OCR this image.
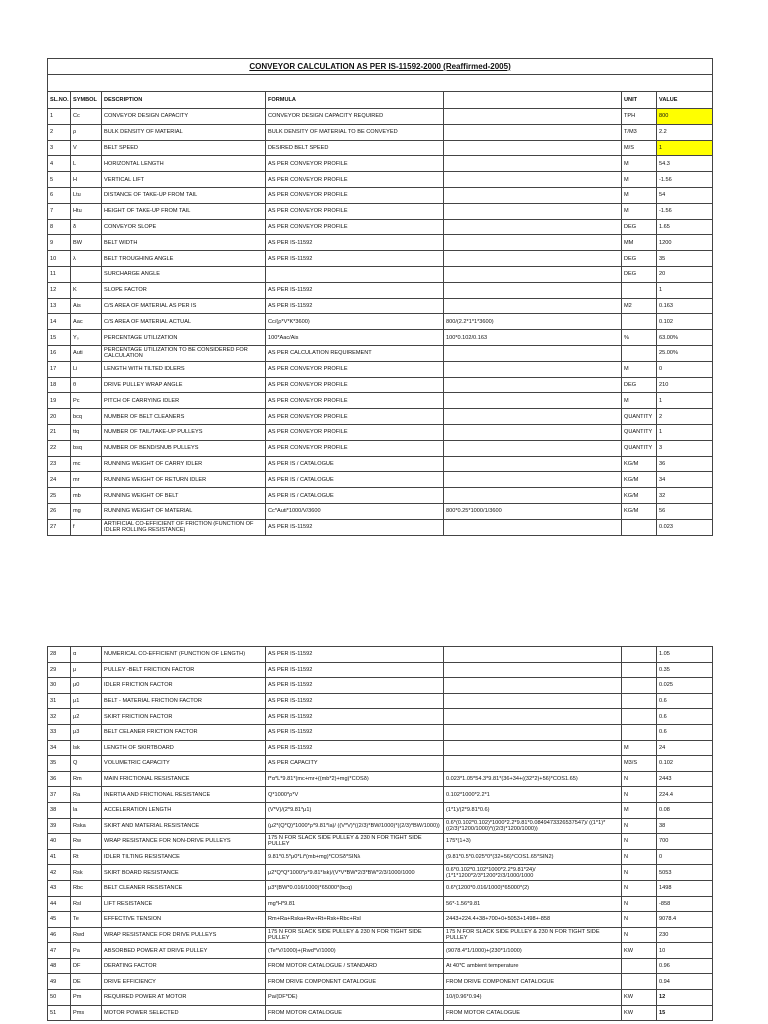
CONVEYOR CALCULATION AS PER IS-11592-2000 (Reaffirmed-2005)						

SL.NO.	SYMBOL	DESCRIPTION	FORMULA		UNIT	VALUE
1	Cc	CONVEYOR DESIGN CAPACITY	CONVEYOR DESIGN CAPACITY REQUIRED		TPH	800
2	ρ	BULK DENSITY OF MATERIAL	BULK DENSITY OF MATERIAL TO BE CONVEYED		T/M3	2.2
3	V	BELT SPEED	DESIRED BELT SPEED		M/S	1
4	L	HORIZONTAL LENGTH	AS PER CONVEYOR PROFILE		M	54.3
5	H	VERTICAL LIFT	AS PER CONVEYOR PROFILE		M	-1.56
6	Ltu	DISTANCE OF TAKE-UP FROM TAIL	AS PER CONVEYOR PROFILE		M	54
7	Htu	HEIGHT OF TAKE-UP FROM TAIL	AS PER CONVEYOR PROFILE		M	-1.56
8	δ	CONVEYOR SLOPE	AS PER CONVEYOR PROFILE		DEG	1.65
9	BW	BELT WIDTH	AS PER IS-11592		MM	1200
10	λ	BELT TROUGHING ANGLE	AS PER IS-11592		DEG	35
11		SURCHARGE ANGLE			DEG	20
12	K	SLOPE FACTOR	AS PER IS-11592			1
13	Ais	C/S AREA OF MATERIAL AS PER IS	AS PER IS-11592		M2	0.163
14	Aac	C/S AREA OF MATERIAL ACTUAL	Cc/(ρ*V*K*3600)	800/(2.2*1*1*3600)		0.102
15	Yₛ	PERCENTAGE UTILIZATION	100*Aac/Ais	100*0.102/0.163	%	63.00%
16	Auti	PERCENTAGE UTILIZATION TO BE CONSIDERED FOR CALCULATION	AS PER CALCULATION REQUIREMENT			25.00%
17	Li	LENGTH WITH TILTED IDLERS	AS PER CONVEYOR PROFILE		M	0
18	θ	DRIVE PULLEY WRAP ANGLE	AS PER CONVEYOR PROFILE		DEG	210
19	Pc	PITCH OF CARRYING IDLER	AS PER CONVEYOR PROFILE		M	1
20	bcq	NUMBER OF BELT CLEANERS	AS PER CONVEYOR PROFILE		QUANTITY	2
21	ttq	NUMBER OF TAIL/TAKE-UP PULLEYS	AS PER CONVEYOR PROFILE		QUANTITY	1
22	bsq	NUMBER OF BEND/SNUB PULLEYS	AS PER CONVEYOR PROFILE		QUANTITY	3
23	mc	RUNNING WEIGHT OF CARRY IDLER	AS PER IS / CATALOGUE		KG/M	36
24	mr	RUNNING WEIGHT OF RETURN IDLER	AS PER IS / CATALOGUE		KG/M	34
25	mb	RUNNING WEIGHT OF BELT	AS PER IS / CATALOGUE		KG/M	32
26	mg	RUNNING WEIGHT OF MATERIAL	Cc*Auti*1000/V/3600	800*0.25*1000/1/3600	KG/M	56
27	f	ARTIFICIAL CO-EFFICIENT OF FRICTION (FUNCTION OF IDLER ROLLING RESISTANCE)	AS PER IS-11592			0.023
28	α	NUMERICAL CO-EFFICIENT (FUNCTION OF LENGTH)	AS PER IS-11592			1.05
29	μ	PULLEY -BELT FRICTION FACTOR	AS PER IS-11592			0.35
30	μ0	IDLER FRICTION FACTOR	AS PER IS-11592			0.025
31	μ1	BELT - MATERIAL FRICTION FACTOR	AS PER IS-11592			0.6
32	μ2	SKIRT FRICTION FACTOR	AS PER IS-11592			0.6
33	μ3	BELT CELANER FRICTION FACTOR	AS PER IS-11592			0.6
34	lsk	LENGTH OF SKIRTBOARD	AS PER IS-11592		M	24
35	Q	VOLUMETRIC CAPACITY	AS PER CAPACITY		M3/S	0.102
36	Rm	MAIN FRICTIONAL RESISTANCE	f*α*L*9.81*(mc+mr+((mb*2)+mg)*COSδ)	0.023*1.05*54.3*9.81*(36+34+((32*2)+56)*COS1.65)	N	2443
37	Ra	INERTIA AND FRICTIONAL RESISTANCE	Q*1000*ρ*V	0.102*1000*2.2*1	N	224.4
38	la	ACCELERATION LENGTH	(V*V)/(2*9.81*μ1)	(1*1)/(2*9.81*0.6)	M	0.08
39	Rska	SKIRT AND MATERIAL RESISTANCE	(μ2*(Q*Q)*1000*ρ*9.81*la)/ ((V*V)*((2/3)*BW/1000)*((2/3)*BW/1000))	0.6*(0.102*0.102)*1000*2.2*9.81*0.0849473326537547)/ ((1*1)*((2/3)*1200/1000)*((2/3)*1200/1000))	N	38
40	Rw	WRAP RESISTANCE FOR NON-DRIVE PULLEYS	175 N FOR SLACK SIDE PULLEY & 230 N FOR TIGHT SIDE PULLEY	175*(1+3)	N	700
41	Rt	IDLER TILTING RESISTANCE	9.81*0.5*μ0*Li*(mb+mg)*COSδ*SINλ	(9.81*0.5*0.025*0*(32+56)*COS1.65*SIN2)	N	0
42	Rsk	SKIRT BOARD RESISTANCE	μ2*Q*Q*1000*ρ*9.81*lsk)/(V*V*BW*2/3*BW*2/3/1000/1000	0.6*0.102*0.102*1000*2.2*9.81*24)/ (1*1*1200*2/3*1200*2/3/1000/1000	N	5053
43	Rbc	BELT CLEANER RESISTANCE	μ3*(BW*0.016/1000)*65000*(bcq)	0.6*(1200*0.016/1000)*65000*(2)	N	1498
44	Rsl	LIFT RESISTANCE	mg*H*9.81	56*-1.56*9.81	N	-858
45	Te	EFFECTIVE TENSION	Rm+Ra+Rska+Rw+Rt+Rsk+Rbc+Rsl	2443+224.4+38+700+0+5053+1498+-858	N	9078.4
46	Rwd	WRAP RESISTANCE FOR DRIVE PULLEYS	175 N FOR SLACK SIDE PULLEY & 230 N FOR TIGHT SIDE PULLEY	175 N FOR SLACK SIDE PULLEY & 230 N FOR TIGHT SIDE PULLEY	N	230
47	Pa	ABSORBED POWER AT DRIVE PULLEY	(Te*V/1000)+(Rwd*V/1000)	(9078.4*1/1000)+(230*1/1000)	KW	10
48	DF	DERATING FACTOR	FROM MOTOR CATALOGUE / STANDARD	At 40℃ ambient temperature		0.96
49	DE	DRIVE EFFICIENCY	FROM DRIVE COMPONENT CATALOGUE	FROM DRIVE COMPONENT CATALOGUE		0.94
50	Pm	REQUIRED POWER AT MOTOR	Pa/(DF*DE)	10/(0.96*0.94)	KW	12
51	Pms	MOTOR POWER SELECTED	FROM MOTOR CATALOGUE	FROM MOTOR CATALOGUE	KW	15
